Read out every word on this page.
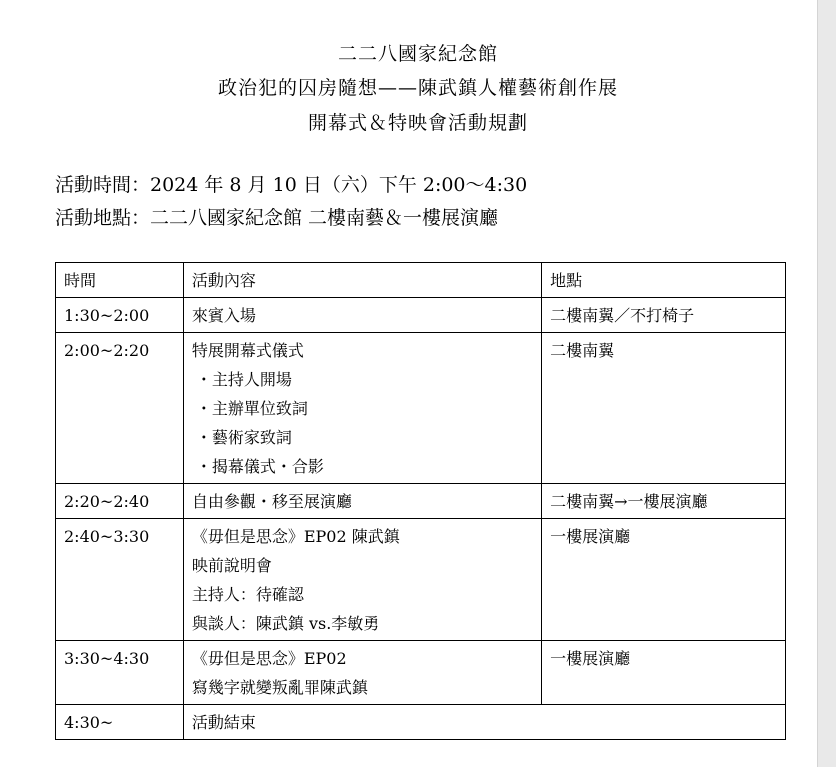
二二八國家紀念館
政治犯的囚房隨想——陳武鎮人權藝術創作展
開幕式＆特映會活動規劃
活動時間：2024 年 8 月 10 日（六）下午 2:00～4:30
活動地點：二二八國家紀念館 二樓南藝＆一樓展演廳
時間	活動內容	地點
1:30~2:00	來賓入場	二樓南翼／不打椅子
2:00~2:20	特展開幕式儀式
・主持人開場
・主辦單位致詞
・藝術家致詞
・揭幕儀式・合影	二樓南翼
2:20~2:40	自由參觀・移至展演廳	二樓南翼→一樓展演廳
2:40~3:30	《毋但是思念》EP02 陳武鎮
映前說明會
主持人：待確認
與談人：陳武鎮 vs.李敏勇	一樓展演廳
3:30~4:30	《毋但是思念》EP02
寫幾字就變叛亂罪陳武鎮	一樓展演廳
4:30~	活動結束	
